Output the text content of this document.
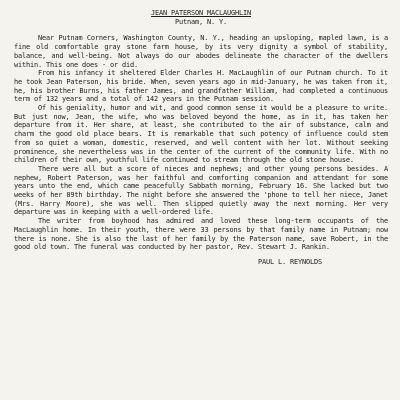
JEAN PATERSON MACLAUGHLIN

Putnam, N. Y.

Near Putnam Corners, Washington County, N. Y., heading an upsloping, mapled lawn, is a fine old comfortable gray stone farm house, by its very dignity a symbol of stability, balance, and well-being. Not always do our abodes delineate the character of the dwellers within. This one does - or did.

From his infancy it sheltered Elder Charles H. MacLaughlin of our Putnam church. To it he took Jean Paterson, his bride. When, seven years ago in mid-January, he was taken from it, he, his brother Burns, his father James, and grandfather William, had completed a continuous term of 132 years and a total of 142 years in the Putnam session.

Of his geniality, humor and wit, and good common sense it would be a pleasure to write. But just now, Jean, the wife, who was beloved beyond the home, as in it, has taken her departure from it. Her share, at least, she contributed to the air of substance, calm and charm the good old place bears. It is remarkable that such potency of influence could stem from so quiet a woman, domestic, reserved, and well content with her lot. Without seeking prominence, she nevertheless was in the center of the current of the community life. With no children of their own, youthful life continued to stream through the old stone house.

There were all but a score of nieces and nephews; and other young persons besides. A nephew, Robert Paterson, was her faithful and comforting companion and attendant for some years unto the end, which came peacefully Sabbath morning, February 16. She lacked but two weeks of her 89th birthday. The night before she answered the 'phone to tell her niece, Janet (Mrs. Harry Moore), she was well. Then slipped quietly away the next morning. Her very departure was in keeping with a well-ordered life.

The writer from boyhood has admired and loved these long-term occupants of the MacLaughlin home. In their youth, there were 33 persons by that family name in Putnam; now there is none. She is also the last of her family by the Paterson name, save Robert, in the good old town. The funeral was conducted by her pastor, Rev. Stewart J. Rankin.

PAUL L. REYNOLDS
